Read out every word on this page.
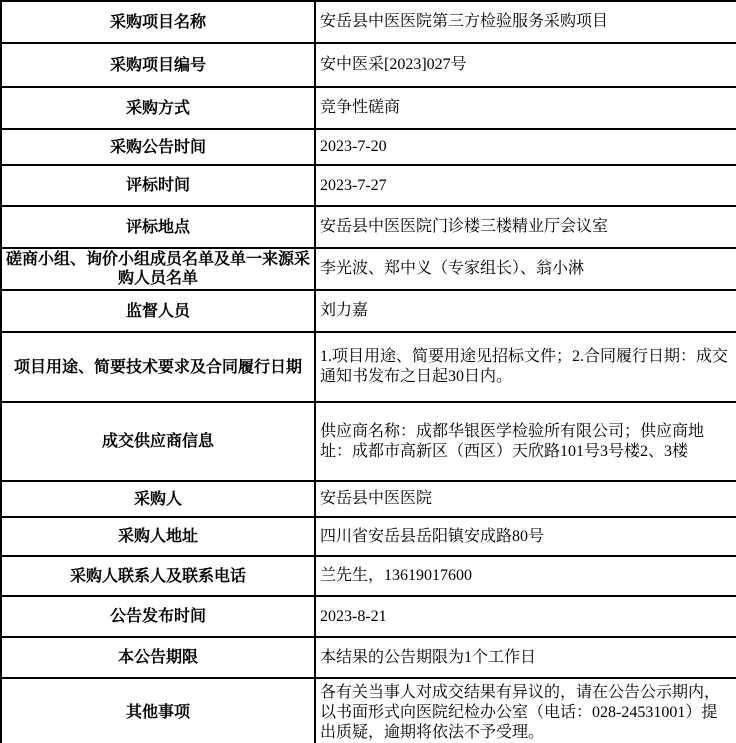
采购项目名称	安岳县中医医院第三方检验服务采购项目
采购项目编号	安中医采[2023]027号
采购方式	竞争性磋商
采购公告时间	2023-7-20
评标时间	2023-7-27
评标地点	安岳县中医医院门诊楼三楼精业厅会议室
磋商小组、询价小组成员名单及单一来源采购人员名单	李光波、郑中义（专家组长）、翁小淋
监督人员	刘力嘉
项目用途、简要技术要求及合同履行日期	1.项目用途、简要用途见招标文件；2.合同履行日期：成交通知书发布之日起30日内。
成交供应商信息	供应商名称：成都华银医学检验所有限公司；供应商地址：成都市高新区（西区）天欣路101号3号楼2、3楼
采购人	安岳县中医医院
采购人地址	四川省安岳县岳阳镇安成路80号
采购人联系人及联系电话	兰先生，13619017600
公告发布时间	2023-8-21
本公告期限	本结果的公告期限为1个工作日
其他事项	各有关当事人对成交结果有异议的，请在公告公示期内，以书面形式向医院纪检办公室（电话：028-24531001）提出质疑，逾期将依法不予受理。
